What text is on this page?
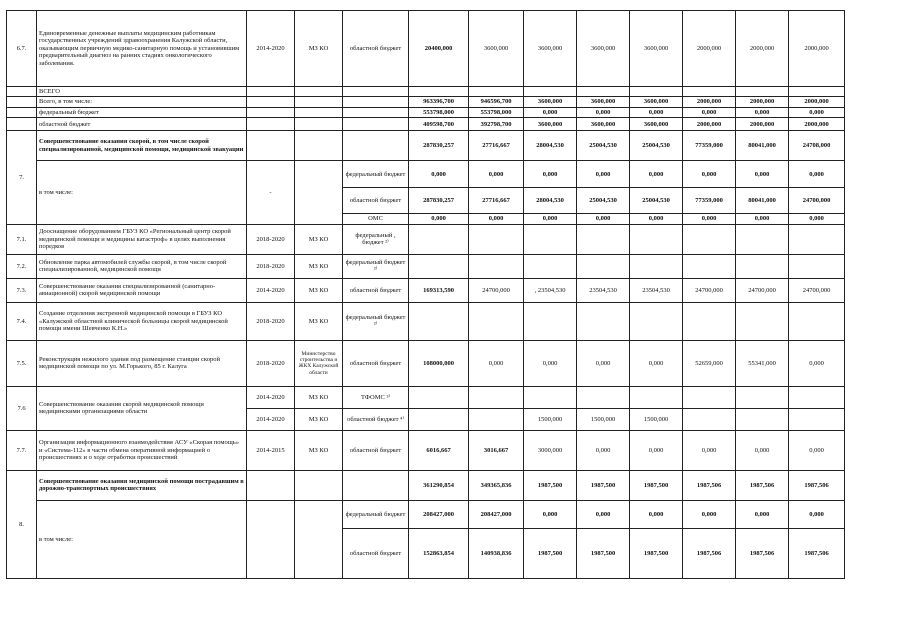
6.7.	Единовременные денежные выплаты медицинским работникам государственных учреждений здравоохранения Калужской области, оказывающим первичную медико-санитарную помощь и установившим предварительный диагноз на ранних стадиях онкологического заболевания.	2014-2020	МЗ КО	областной бюджет	20400,000	3600,000	3600,000	3600,000	3600,000	2000,000	2000,000	2000,000
	ВСЕГО											
	Всего, в том числе:				963396,700	946596,700	3600,000	3600,000	3600,000	2000,000	2000,000	2000,000
	федеральный бюджет				553798,000	553798,000	0,000	0,000	0,000	0,000	0,000	0,000
	областной бюджет				409598,700	392798,700	3600,000	3600,000	3600,000	2000,000	2000,000	2000,000
7.	Совершенствование оказания скорой, в том числе скорой специализированной, медицинской помощи, медицинской эвакуации				287830,257	27716,667	28004,530	25004,530	25004,530	77359,000	80041,000	24708,000
	в том числе:	-		федеральный бюджет	0,000	0,000	0,000	0,000	0,000	0,000	0,000	0,000
				областной бюджет	287830,257	27716,667	28004,530	25004,530	25004,530	77359,000	80041,000	24700,000
				ОМС	0,000	0,000	0,000	0,000	0,000	0,000	0,000	0,000
7.1.	Дооснащение оборудованием ГБУЗ КО «Региональный центр скорой медицинской помощи и медицины катастроф» в целях выполнения поредков	2018-2020	МЗ КО	федеральный , бюджет ²⁾								
7.2.	Обновление парка автомобилей службы скорой, в том числе скорой специализированной, медицинской помощи	2018-2020	МЗ КО	федеральный бюджет ²⁾								
7.3.	Совершенствование оказания специализированной (санитарно-авиационной) скорой медицинской помощи	2014-2020	МЗ КО	областной бюджет	169313,590	24700,000	, 23504,530	23504,530	23504,530	24700,000	24700,000	24700,000
7.4.	Создание отделения экстренной медицинской помощи в ГБУЗ КО «Калужской областной клинической больницы скорой медицинской помощи имени Шевченко К.Н.»	2018-2020	МЗ КО	федеральный бюджет ²⁾								
7.5.	Реконструкция нежилого здания под размещение станции скорой медицинской помощи по ул. М.Горького, 85 г. Калуга	2018-2020	Министерство строительства и ЖКХ Калужской области	областной бюджет	108000,000	0,000	0,000	0,000	0,000	52659,000	55341,000	0,000
7.6	Совершенствование оказания скорой медицинской помощи медицинскими организациями области	2014-2020	МЗ КО	ТФОМС ³⁾								
		2014-2020	МЗ КО	областной бюджет ⁴⁾			1500,000	1500,000	1500,000			
7.7.	Организация информационного взаимодействия АСУ «Скорая помощь» и «Система-112» в части обмена оперативной информацией о происшествиях и о ходе отработки происшествий	2014-2015	МЗ КО	областной бюджет	6016,667	3016,667	3000,000	0,000	0,000	0,000	0,000	0,000
8.	Совершенствование оказания медицинской помощи пострадавшим в дорожно-транспортных происшествиях				361290,854	349365,836	1987,500	1987,500	1987,500	1987,506	1987,506	1987,506
	в том числе:			федеральный бюджет	208427,000	208427,000	0,000	0,000	0,000	0,000	0,000	0,000
				областной бюджет	152863,854	140938,836	1987,500	1987,500	1987,500	1987,506	1987,506	1987,506
